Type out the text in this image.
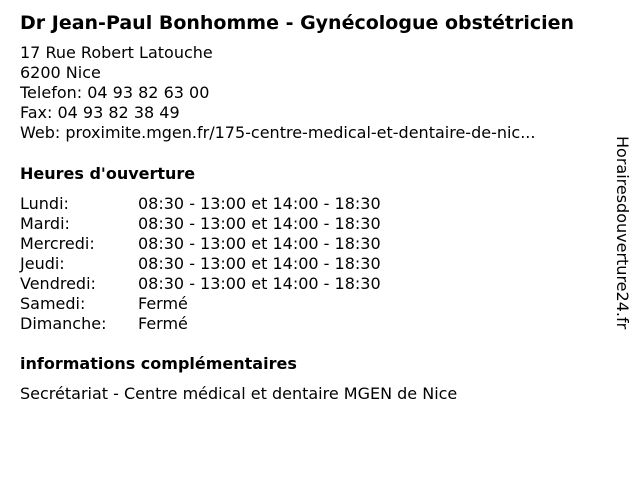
Dr Jean-Paul Bonhomme - Gynécologue obstétricien
17 Rue Robert Latouche
6200 Nice
Telefon: 04 93 82 63 00
Fax: 04 93 82 38 49
Web: proximite.mgen.fr/175-centre-medical-et-dentaire-de-nic...
Heures d'ouverture
Lundi:	08:30 - 13:00 et 14:00 - 18:30
Mardi:	08:30 - 13:00 et 14:00 - 18:30
Mercredi:	08:30 - 13:00 et 14:00 - 18:30
Jeudi:	08:30 - 13:00 et 14:00 - 18:30
Vendredi:	08:30 - 13:00 et 14:00 - 18:30
Samedi:	Fermé
Dimanche: Fermé
informations complémentaires
Secrétariat - Centre médical et dentaire MGEN de Nice
Horairesdouverture24.fr
